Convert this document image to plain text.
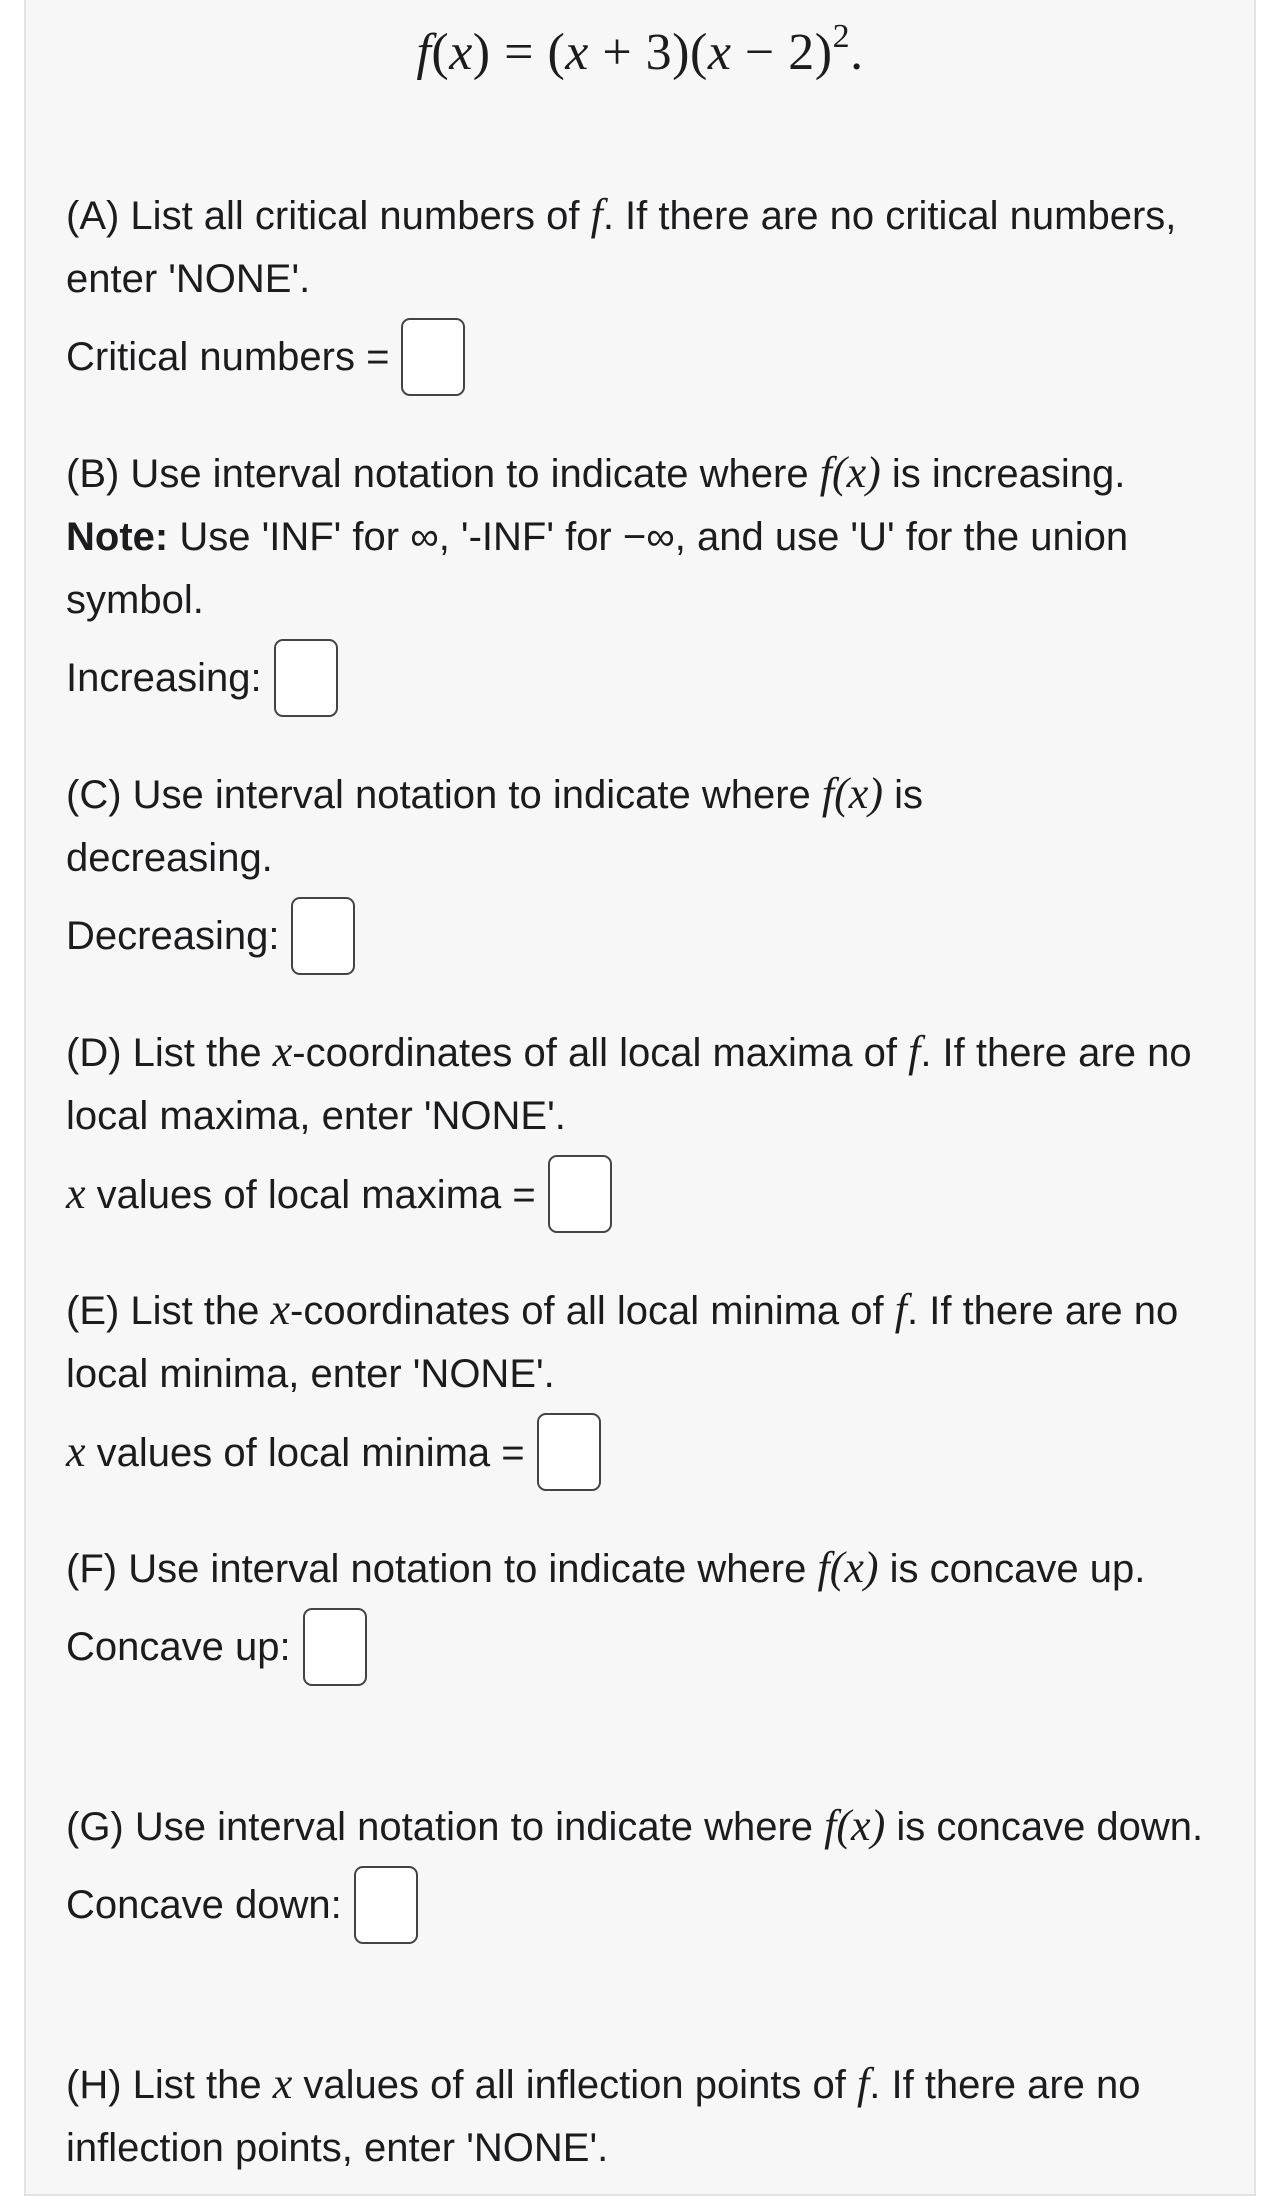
$f(x) = (x + 3)(x - 2)^2$.

(A) List all critical numbers of f. If there are no critical numbers, enter 'NONE'.

Critical numbers =

(B) Use interval notation to indicate where f(x) is increasing.
Note: Use 'INF' for ∞, '-INF' for −∞, and use 'U' for the union symbol.

Increasing:

(C) Use interval notation to indicate where f(x) is decreasing.

Decreasing:

(D) List the x-coordinates of all local maxima of f. If there are no local maxima, enter 'NONE'.

x values of local maxima =

(E) List the x-coordinates of all local minima of f. If there are no local minima, enter 'NONE'.

x values of local minima =

(F) Use interval notation to indicate where f(x) is concave up.

Concave up:

(G) Use interval notation to indicate where f(x) is concave down.

Concave down:

(H) List the x values of all inflection points of f. If there are no inflection points, enter 'NONE'.
